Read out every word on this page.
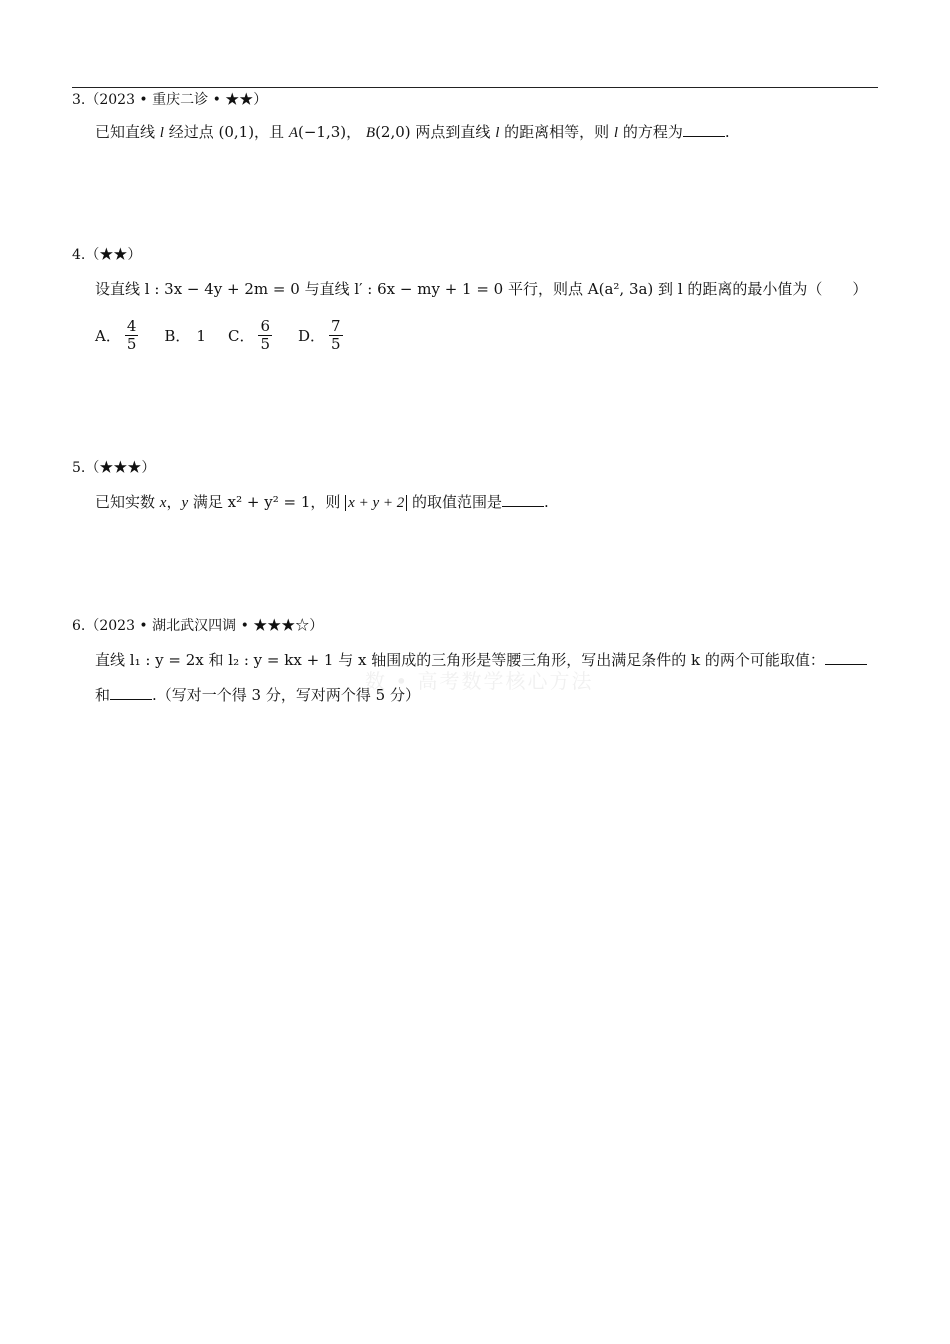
3.（2023 • 重庆二诊 • ★★）
已知直线 l 经过点 (0,1)，且 A(−1,3)， B(2,0) 两点到直线 l 的距离相等，则 l 的方程为	.
4.（★★）
设直线 l : 3x − 4y + 2m = 0 与直线 l′ : 6x − my + 1 = 0 平行，则点 A(a², 3a) 到 l 的距离的最小值为（　　）
A． $\frac{4}{5}$ B． 1 C． $\frac{6}{5}$ D． $\frac{7}{5}$
5.（★★★）
已知实数 x，y 满足 x² + y² = 1，则 x + y + 2 的取值范围是	.
6.（2023 • 湖北武汉四调 • ★★★☆）
直线 l₁ : y = 2x 和 l₂ : y = kx + 1 与 x 轴围成的三角形是等腰三角形，写出满足条件的 k 的两个可能取值：
和	.（写对一个得 3 分，写对两个得 5 分）
数 • 高考数学核心方法
